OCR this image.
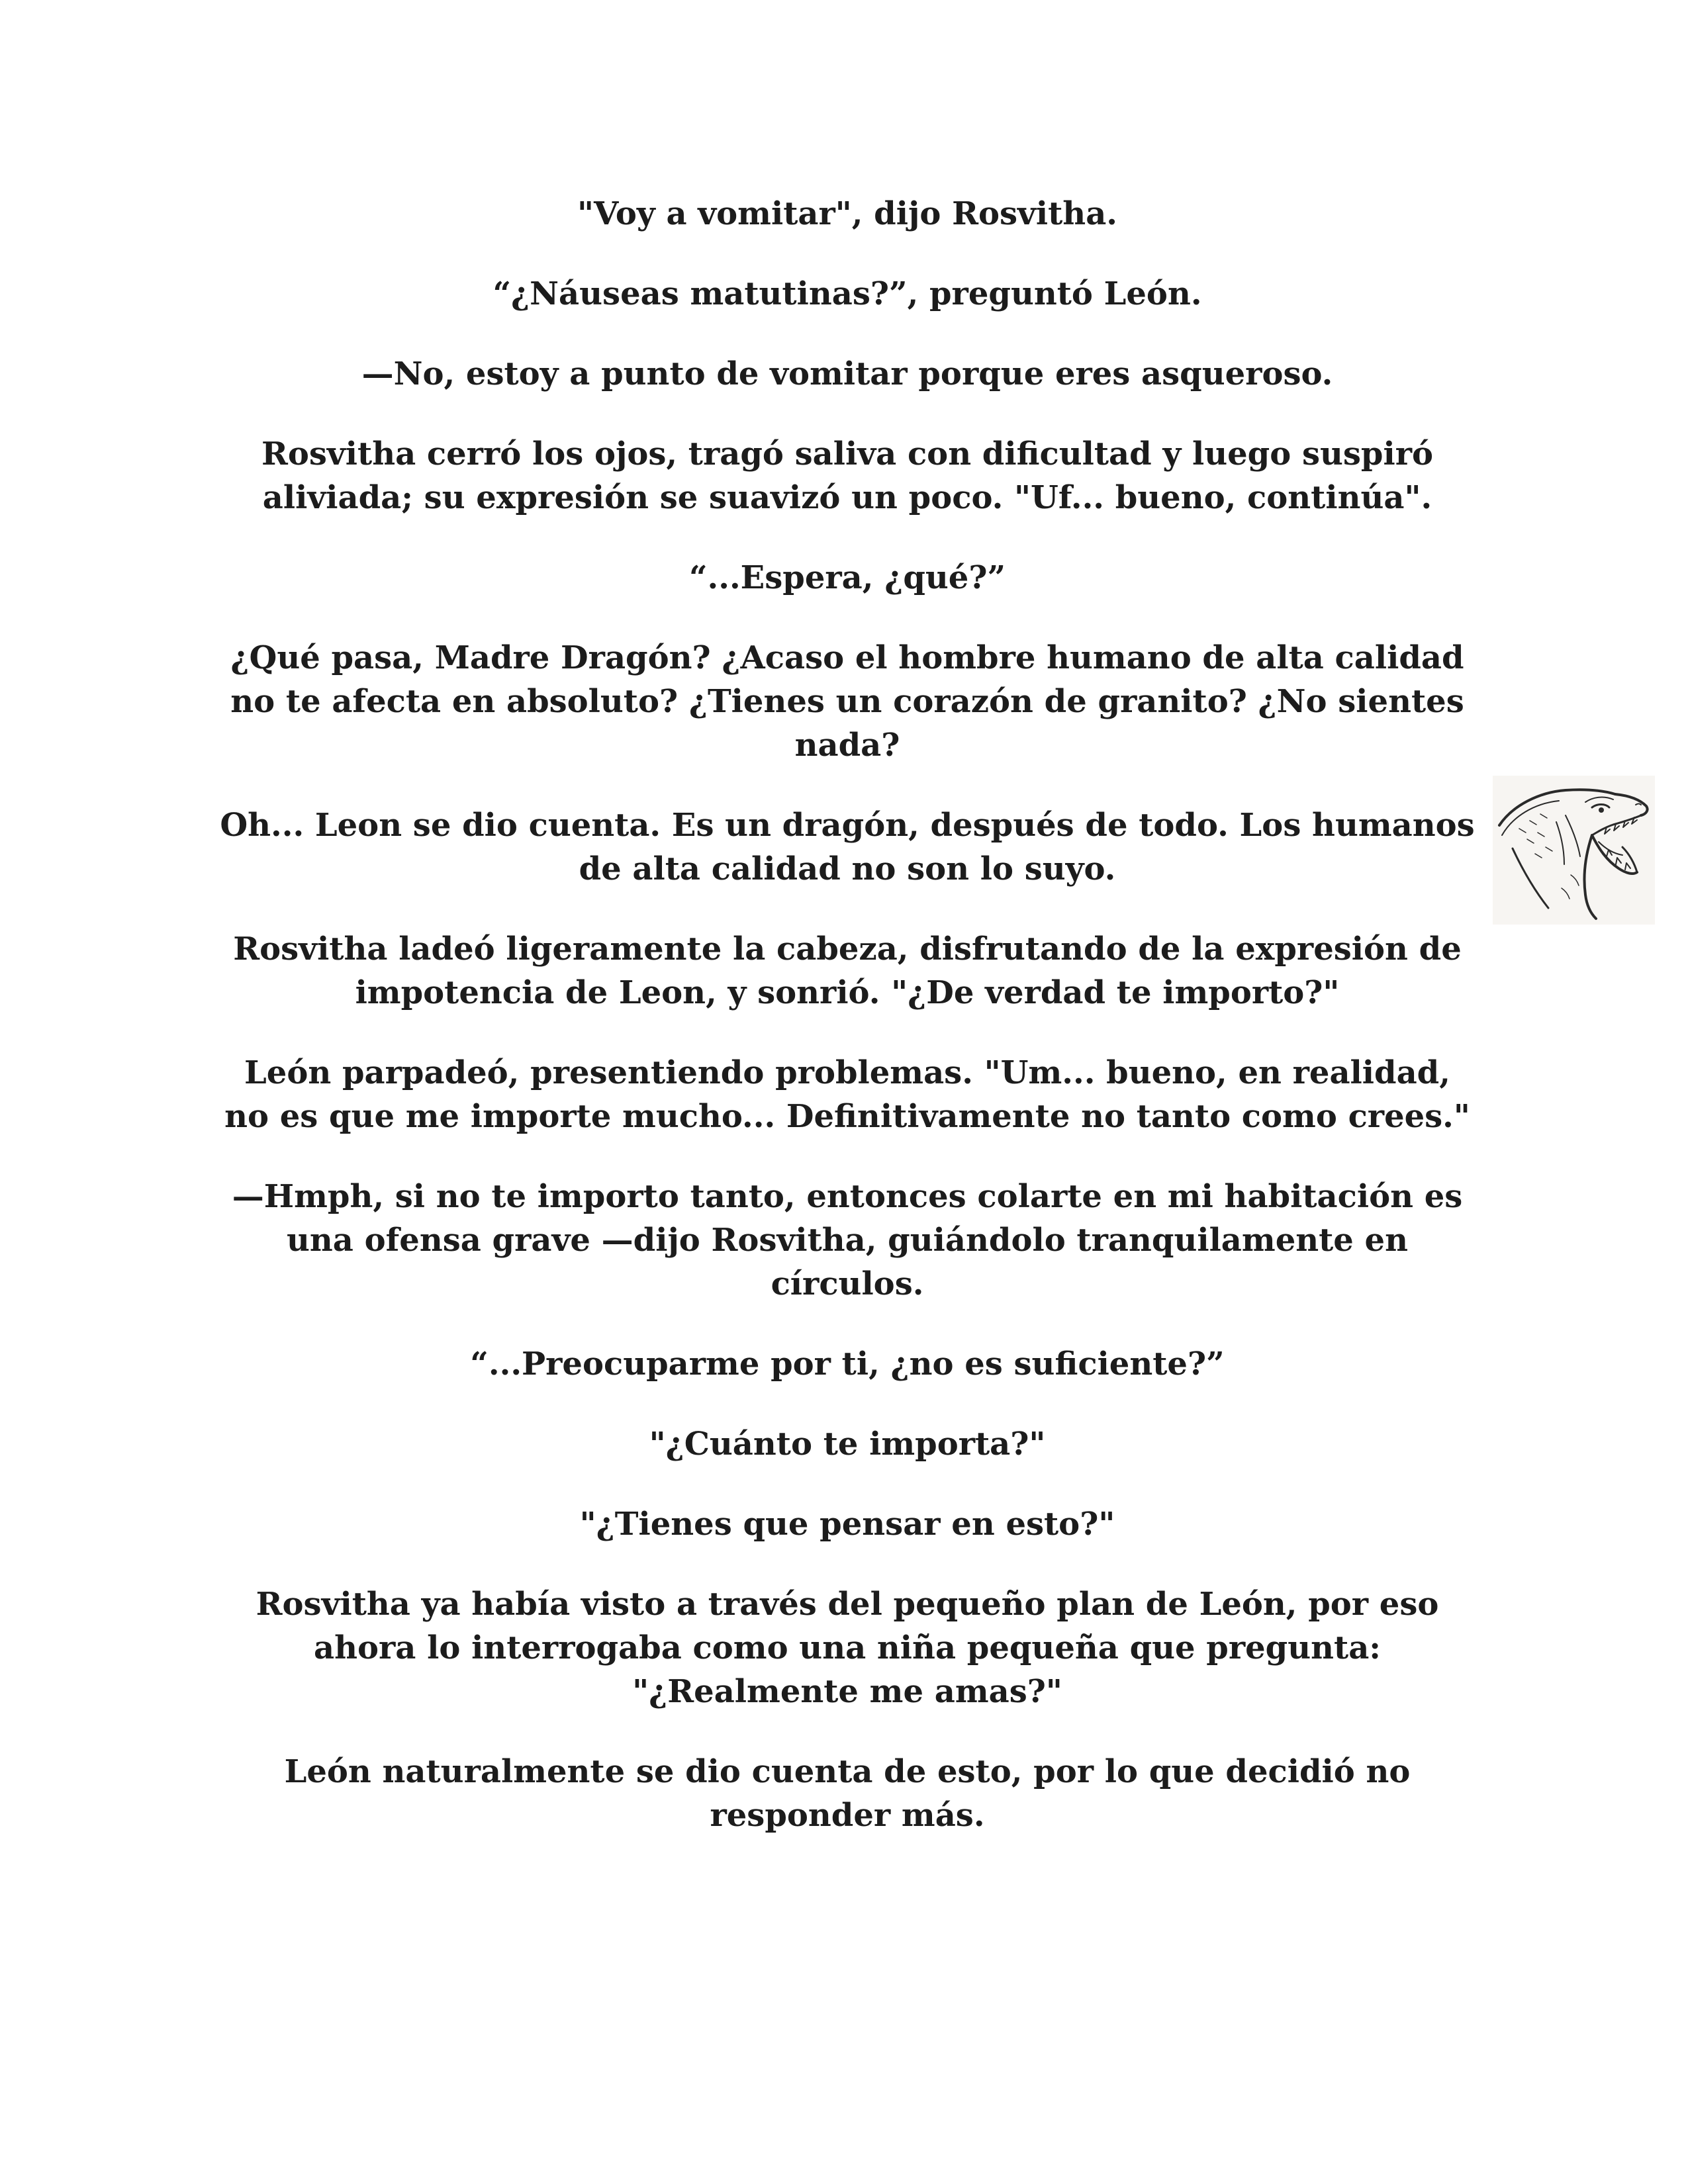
"Voy a vomitar", dijo Rosvitha.

“¿Náuseas matutinas?”, preguntó León.

—No, estoy a punto de vomitar porque eres asqueroso.

Rosvitha cerró los ojos, tragó saliva con dificultad y luego suspiró aliviada; su expresión se suavizó un poco. "Uf... bueno, continúa".

“...Espera, ¿qué?”

¿Qué pasa, Madre Dragón? ¿Acaso el hombre humano de alta calidad no te afecta en absoluto? ¿Tienes un corazón de granito? ¿No sientes nada?

Oh... Leon se dio cuenta. Es un dragón, después de todo. Los humanos de alta calidad no son lo suyo.

Rosvitha ladeó ligeramente la cabeza, disfrutando de la expresión de impotencia de Leon, y sonrió. "¿De verdad te importo?"

León parpadeó, presentiendo problemas. "Um... bueno, en realidad, no es que me importe mucho... Definitivamente no tanto como crees."

—Hmph, si no te importo tanto, entonces colarte en mi habitación es una ofensa grave —dijo Rosvitha, guiándolo tranquilamente en círculos.

“...Preocuparme por ti, ¿no es suficiente?”

"¿Cuánto te importa?"

"¿Tienes que pensar en esto?"

Rosvitha ya había visto a través del pequeño plan de León, por eso ahora lo interrogaba como una niña pequeña que pregunta: "¿Realmente me amas?"

León naturalmente se dio cuenta de esto, por lo que decidió no responder más.
